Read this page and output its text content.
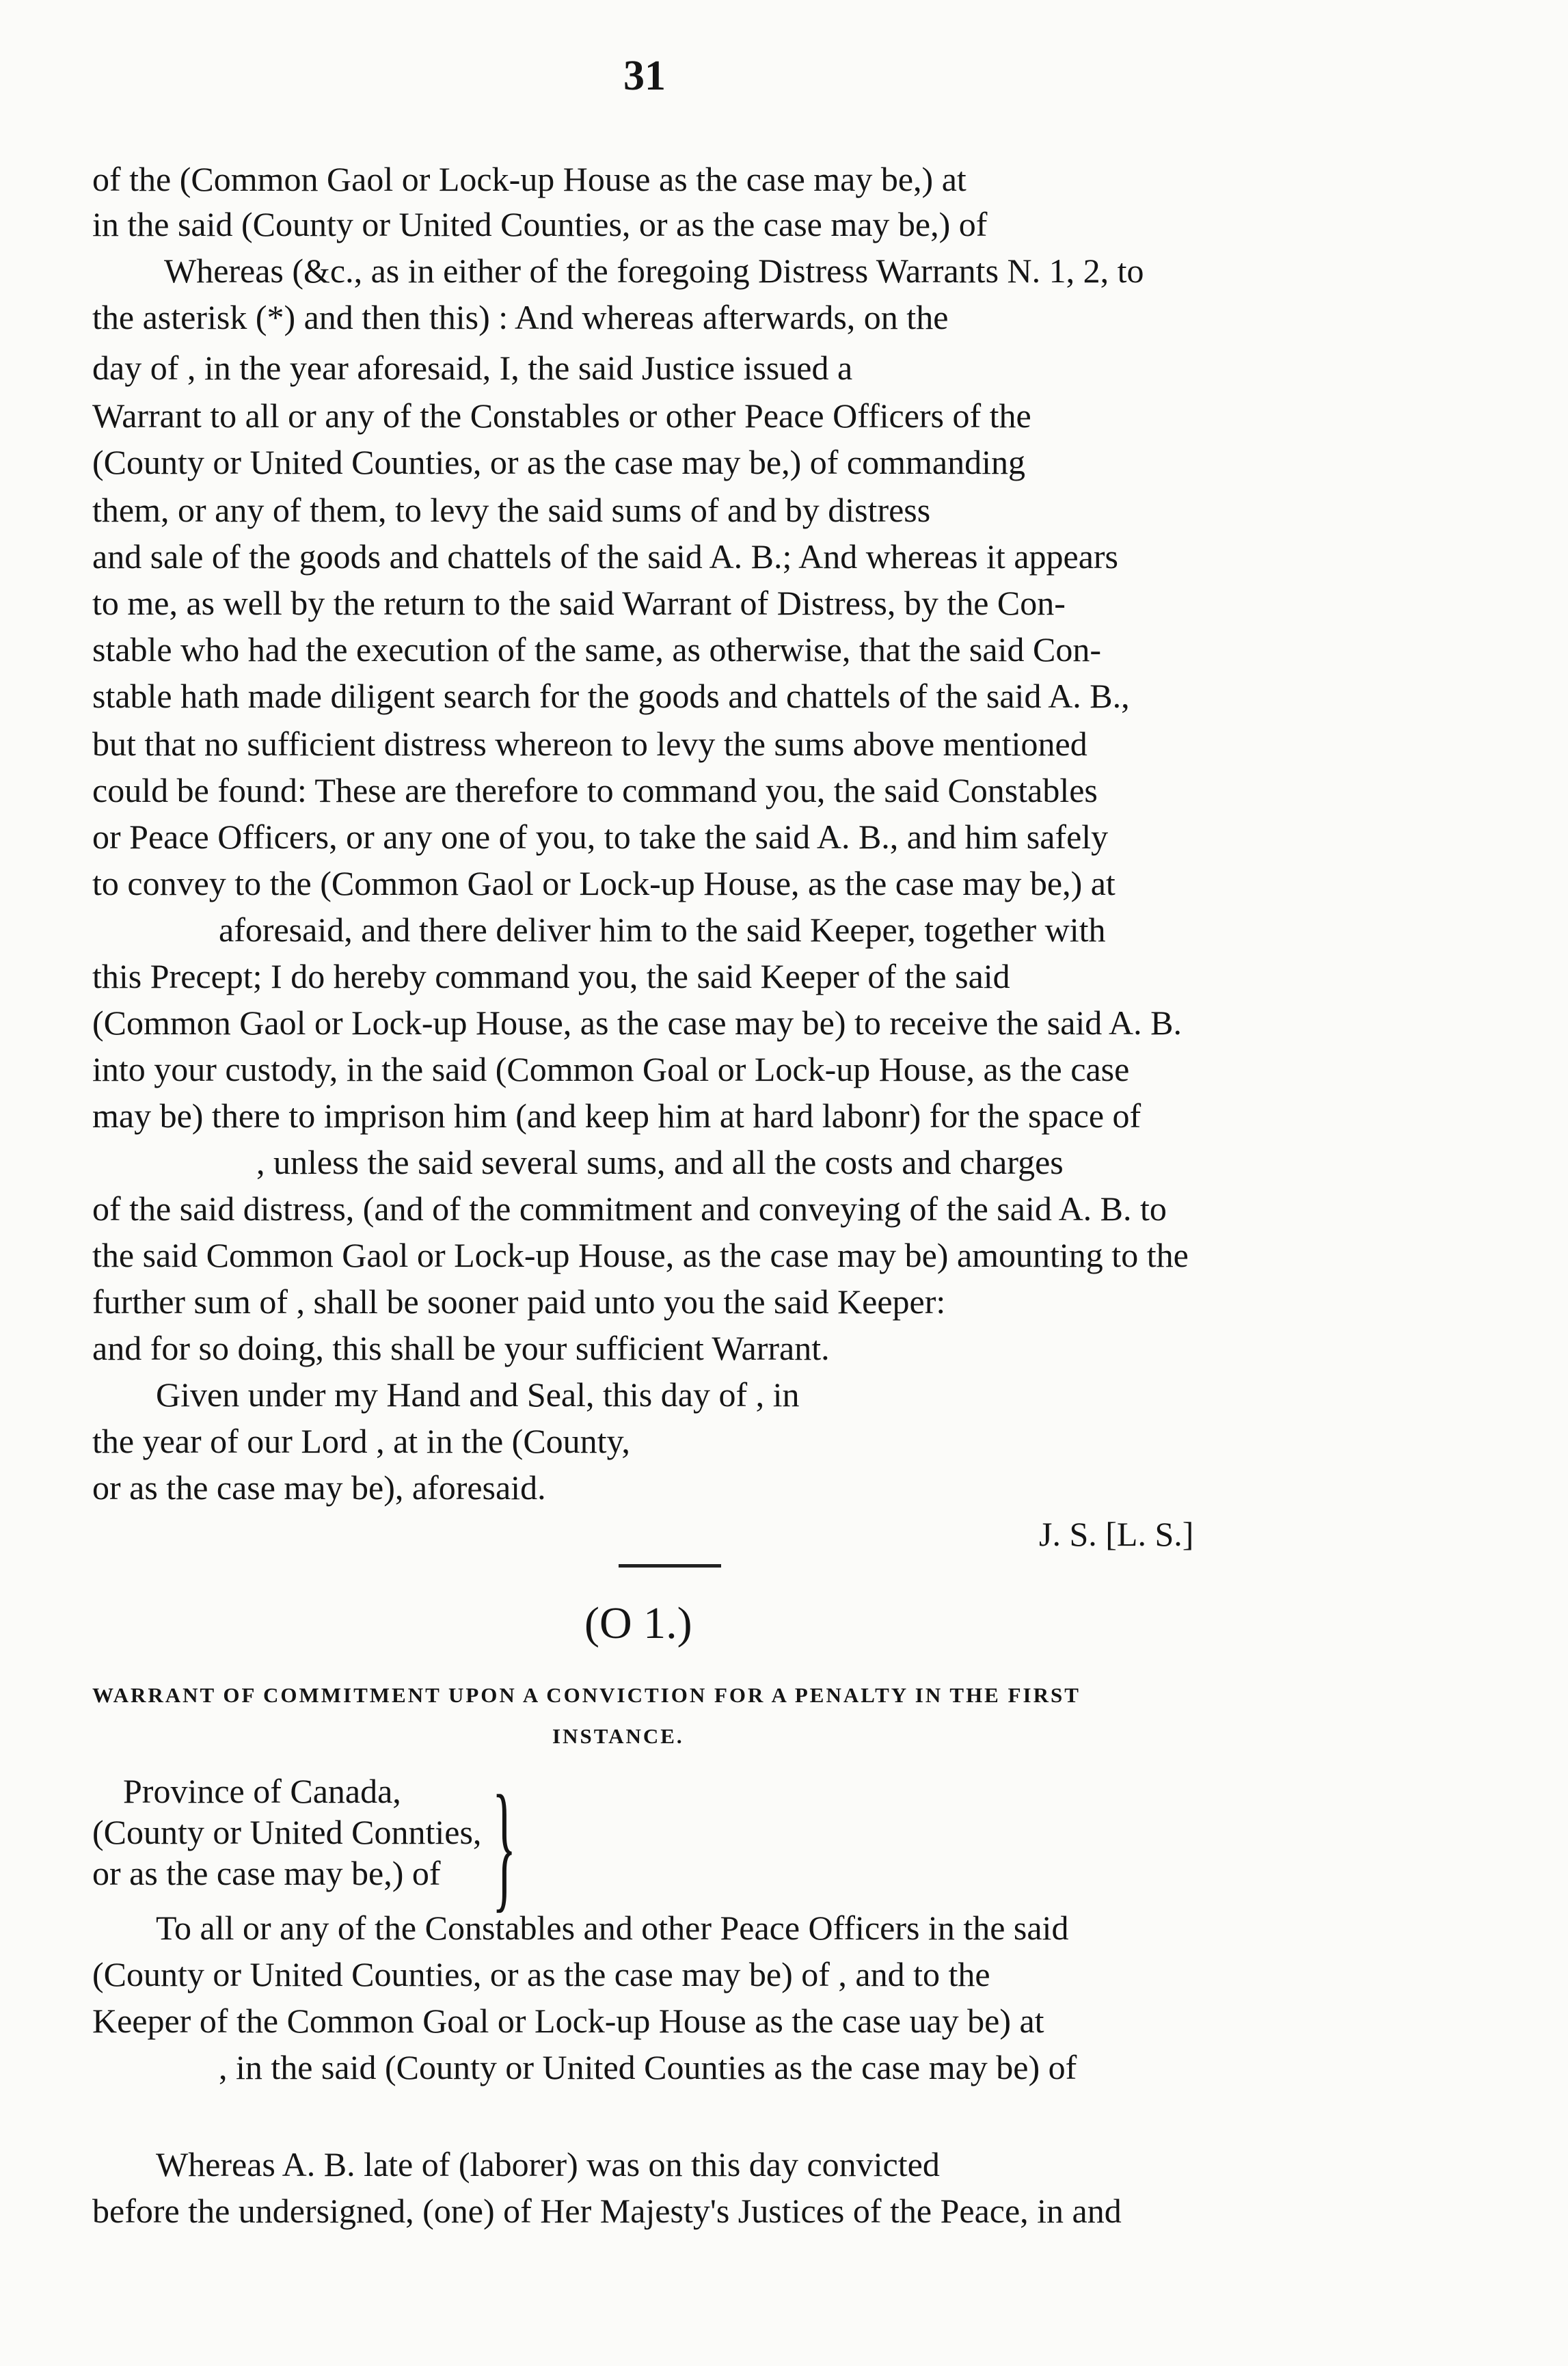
31
of the (Common Gaol or Lock-up House as the case may be,) at
in the said (County or United Counties, or as the case may be,) of
Whereas (&c., as in either of the foregoing Distress Warrants N. 1, 2, to
the asterisk (*) and then this) : And whereas afterwards, on the
day of , in the year aforesaid, I, the said Justice issued a
Warrant to all or any of the Constables or other Peace Officers of the
(County or United Counties, or as the case may be,) of commanding
them, or any of them, to levy the said sums of and by distress
and sale of the goods and chattels of the said A. B.; And whereas it appears
to me, as well by the return to the said Warrant of Distress, by the Con-
stable who had the execution of the same, as otherwise, that the said Con-
stable hath made diligent search for the goods and chattels of the said A. B.,
but that no sufficient distress whereon to levy the sums above mentioned
could be found: These are therefore to command you, the said Constables
or Peace Officers, or any one of you, to take the said A. B., and him safely
to convey to the (Common Gaol or Lock-up House, as the case may be,) at
aforesaid, and there deliver him to the said Keeper, together with
this Precept; I do hereby command you, the said Keeper of the said
(Common Gaol or Lock-up House, as the case may be) to receive the said A. B.
into your custody, in the said (Common Goal or Lock-up House, as the case
may be) there to imprison him (and keep him at hard labonr) for the space of
, unless the said several sums, and all the costs and charges
of the said distress, (and of the commitment and conveying of the said A. B. to
the said Common Gaol or Lock-up House, as the case may be) amounting to the
further sum of , shall be sooner paid unto you the said Keeper:
and for so doing, this shall be your sufficient Warrant.
Given under my Hand and Seal, this day of , in
the year of our Lord , at in the (County,
or as the case may be), aforesaid.
J. S. [L. S.]
(O 1.)
WARRANT OF COMMITMENT UPON A CONVICTION FOR A PENALTY IN THE FIRST
INSTANCE.
Province of Canada,
(County or United Connties,
or as the case may be,) of
To all or any of the Constables and other Peace Officers in the said
(County or United Counties, or as the case may be) of , and to the
Keeper of the Common Goal or Lock-up House as the case uay be) at
, in the said (County or United Counties as the case may be) of
Whereas A. B. late of (laborer) was on this day convicted
before the undersigned, (one) of Her Majesty's Justices of the Peace, in and
}
